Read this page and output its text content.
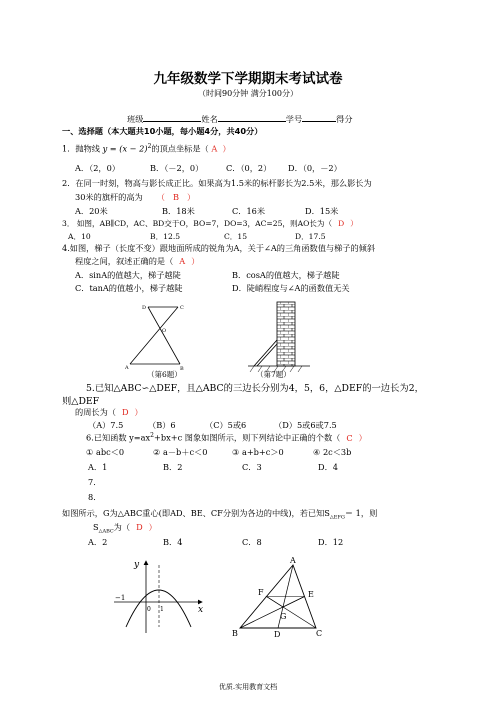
九年级数学下学期期末考试试卷
（时间90分钟 满分100分）
班级	姓名	学号	得分
一、选择题（本大题共10小题，每小题4分，共40分）
1．抛物线 $y = (x - 2)^2$的顶点坐标是（ A ）
A．（2，0）	B．（－2，0）	C．（0，2） D．（0，－2）
2．在同一时刻，物高与影长成正比。如果高为1.5米的标杆影长为2.5米，那么影长为
30米的旗杆的高为 （ B ）
A．20米	B．18米	C．16米	D．15米
3． 如图，AB∥CD，AC、BD交于O，BO=7，DO=3，AC=25，则AO长为（ D ）
A．10	B．12.5	C．15	D．17.5
4.如图，梯子（长度不变）跟地面所成的锐角为A，关于∠A的三角函数值与梯子的倾斜
程度之间，叙述正确的是（ A ）
A．sinA的值越大，梯子越陡	B．cosA的值越大，梯子越陡
C．tanA的值越小，梯子越陡	D．陡峭程度与∠A的函数值无关
D	C
O
A	B
（第6题）	（第7题）
5.已知△ABC∽△DEF，且△ABC的三边长分别为4，5，6，△DEF的一边长为2，
则△DEF
的周长为（ D ）
（A）7.5	（B）6	（C）5或6	（D）5或6或7.5
6.已知函数 $y=ax^2+bx+c$ 图象如图所示，则下列结论中正确的个数（ C ）
① abc＜0	② a－b＋c＜0	③ a+b+c＞0	④ 2c＜3b
A．1	B．2	C．3	D．4
7．
8．
如图所示，G为△ABC重心(即AD、BE、CF分别为各边的中线)，若已知$S_{\triangle EFG}= 1$，则
$S_{\triangle ABC}$为（ D ）
A．2	B．4	C．8	D．12
y
x
−1
0 1
A
B	C
D
E
F
G
优质.实用教育文档
